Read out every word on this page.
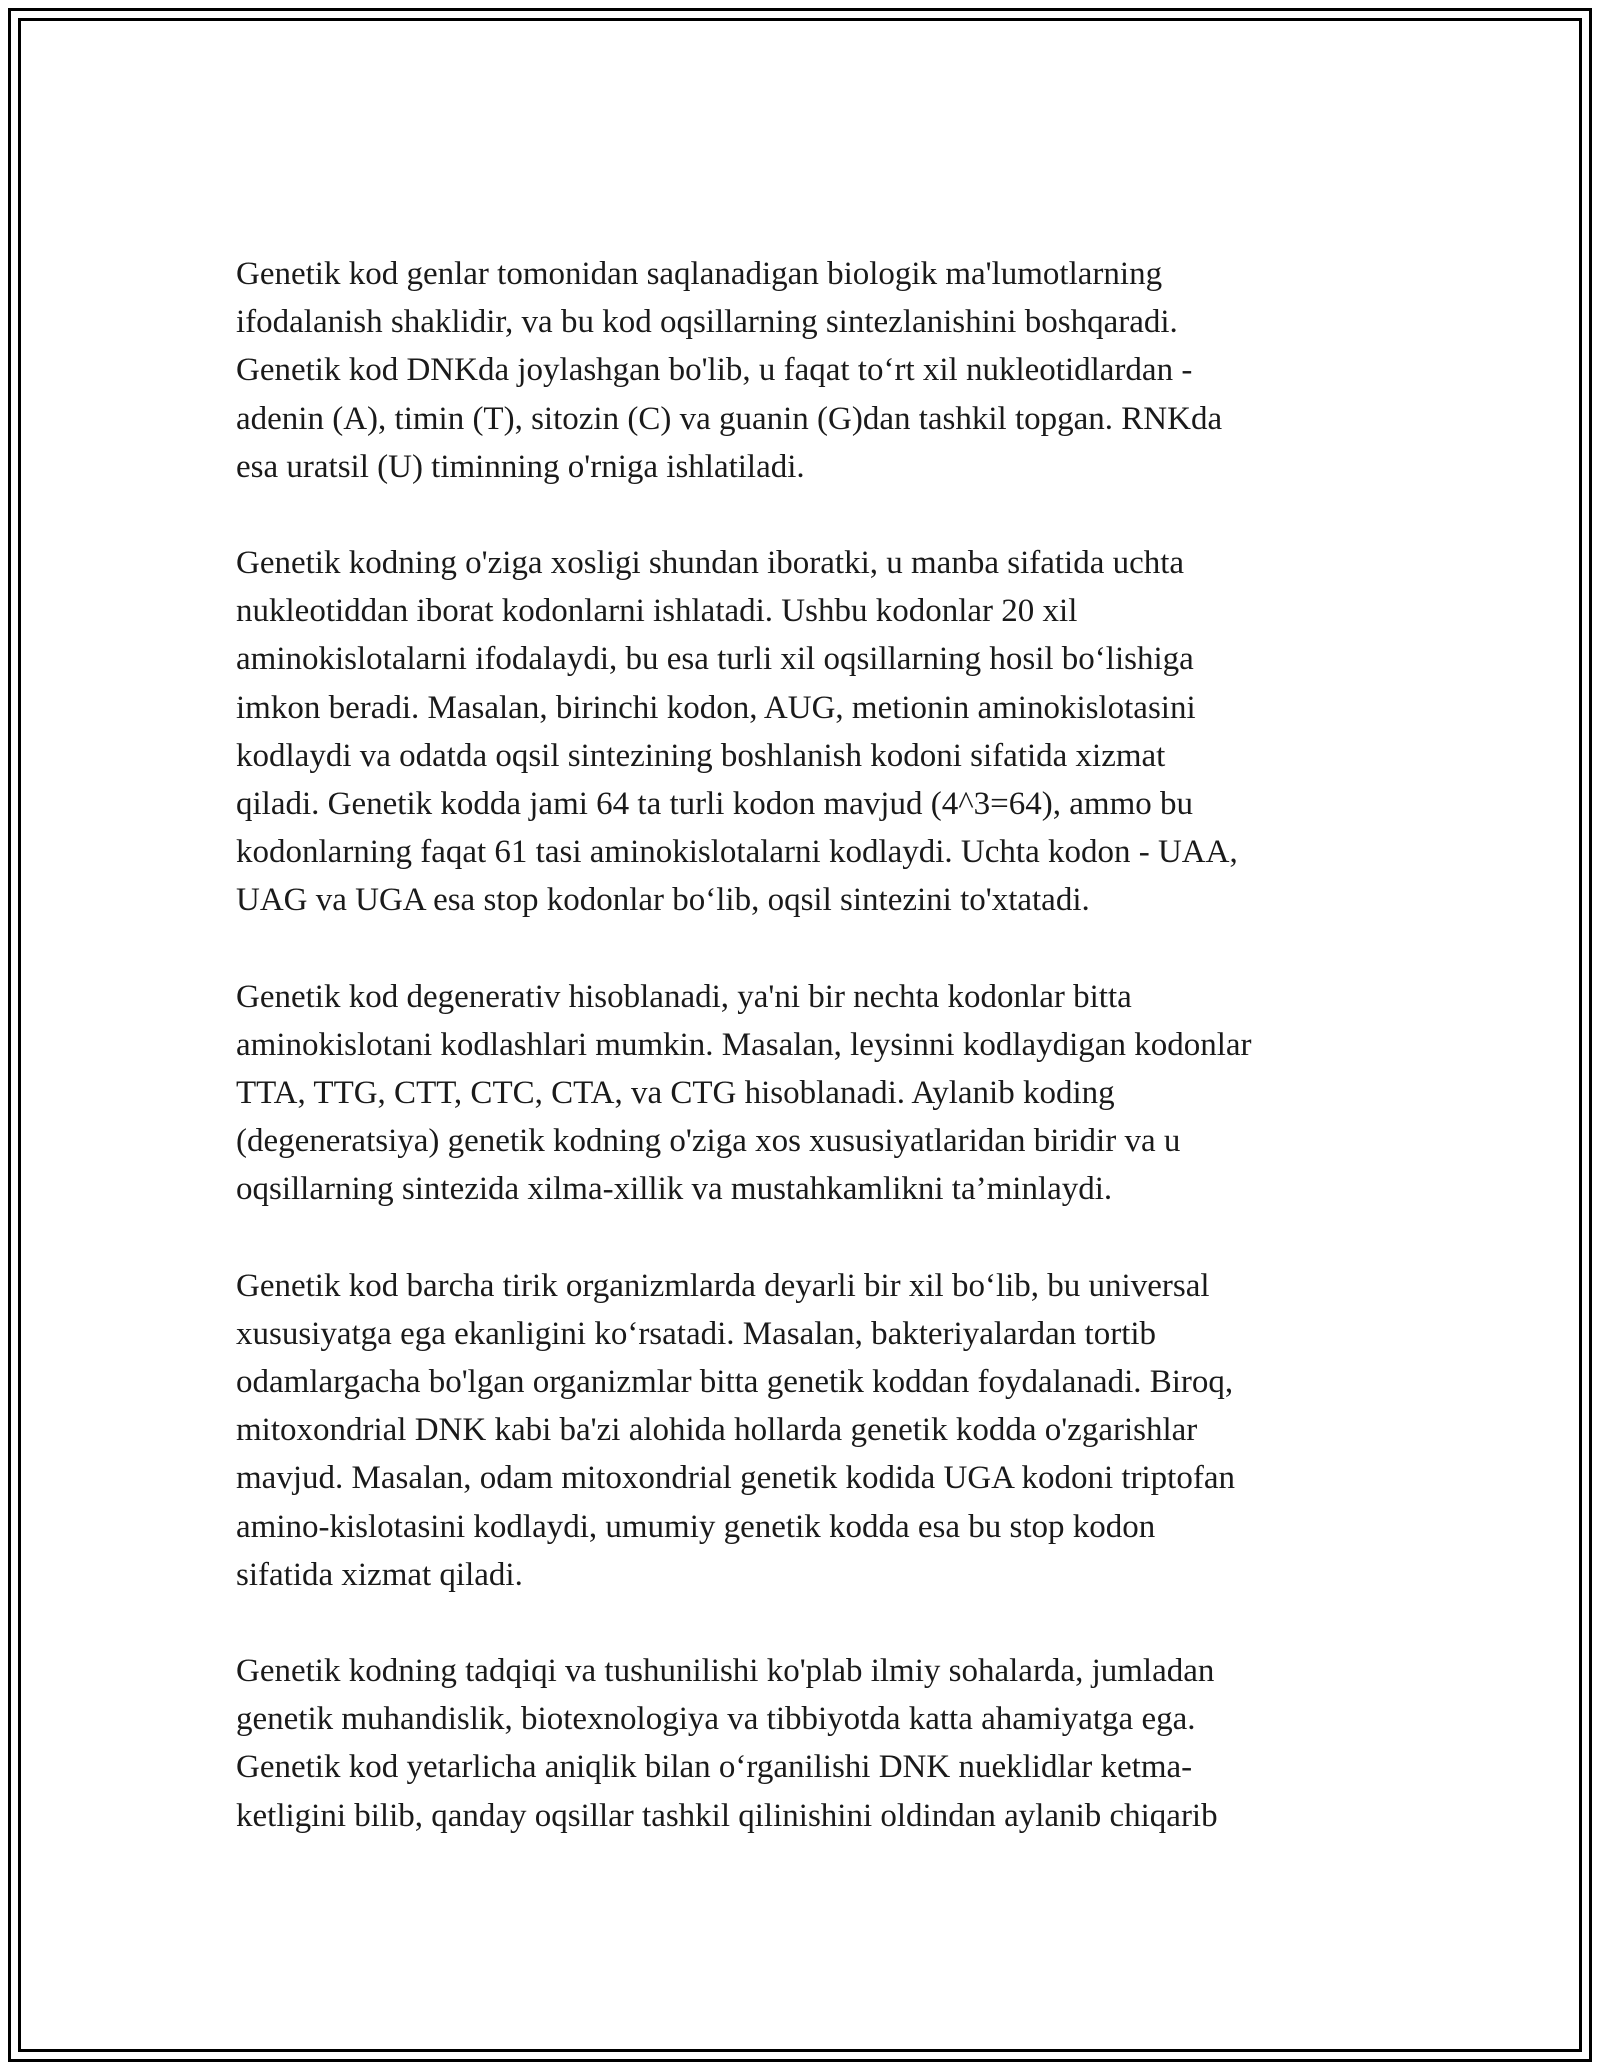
Genetik kod genlar tomonidan saqlanadigan biologik ma'lumotlarning
ifodalanish shaklidir, va bu kod oqsillarning sintezlanishini boshqaradi.
Genetik kod DNKda joylashgan bo'lib, u faqat to‘rt xil nukleotidlardan -
adenin (A), timin (T), sitozin (C) va guanin (G)dan tashkil topgan. RNKda
esa uratsil (U) timinning o'rniga ishlatiladi.

Genetik kodning o'ziga xosligi shundan iboratki, u manba sifatida uchta
nukleotiddan iborat kodonlarni ishlatadi. Ushbu kodonlar 20 xil
aminokislotalarni ifodalaydi, bu esa turli xil oqsillarning hosil bo‘lishiga
imkon beradi. Masalan, birinchi kodon, AUG, metionin aminokislotasini
kodlaydi va odatda oqsil sintezining boshlanish kodoni sifatida xizmat
qiladi. Genetik kodda jami 64 ta turli kodon mavjud (4^3=64), ammo bu
kodonlarning faqat 61 tasi aminokislotalarni kodlaydi. Uchta kodon - UAA,
UAG va UGA esa stop kodonlar bo‘lib, oqsil sintezini to'xtatadi.

Genetik kod degenerativ hisoblanadi, ya'ni bir nechta kodonlar bitta
aminokislotani kodlashlari mumkin. Masalan, leysinni kodlaydigan kodonlar
TTA, TTG, CTT, CTC, CTA, va CTG hisoblanadi. Aylanib koding
(degeneratsiya) genetik kodning o'ziga xos xususiyatlaridan biridir va u
oqsillarning sintezida xilma-xillik va mustahkamlikni ta’minlaydi.

Genetik kod barcha tirik organizmlarda deyarli bir xil bo‘lib, bu universal
xususiyatga ega ekanligini ko‘rsatadi. Masalan, bakteriyalardan tortib
odamlargacha bo'lgan organizmlar bitta genetik koddan foydalanadi. Biroq,
mitoxondrial DNK kabi ba'zi alohida hollarda genetik kodda o'zgarishlar
mavjud. Masalan, odam mitoxondrial genetik kodida UGA kodoni triptofan
amino-kislotasini kodlaydi, umumiy genetik kodda esa bu stop kodon
sifatida xizmat qiladi.

Genetik kodning tadqiqi va tushunilishi ko'plab ilmiy sohalarda, jumladan
genetik muhandislik, biotexnologiya va tibbiyotda katta ahamiyatga ega.
Genetik kod yetarlicha aniqlik bilan o‘rganilishi DNK nueklidlar ketma-
ketligini bilib, qanday oqsillar tashkil qilinishini oldindan aylanib chiqarib
